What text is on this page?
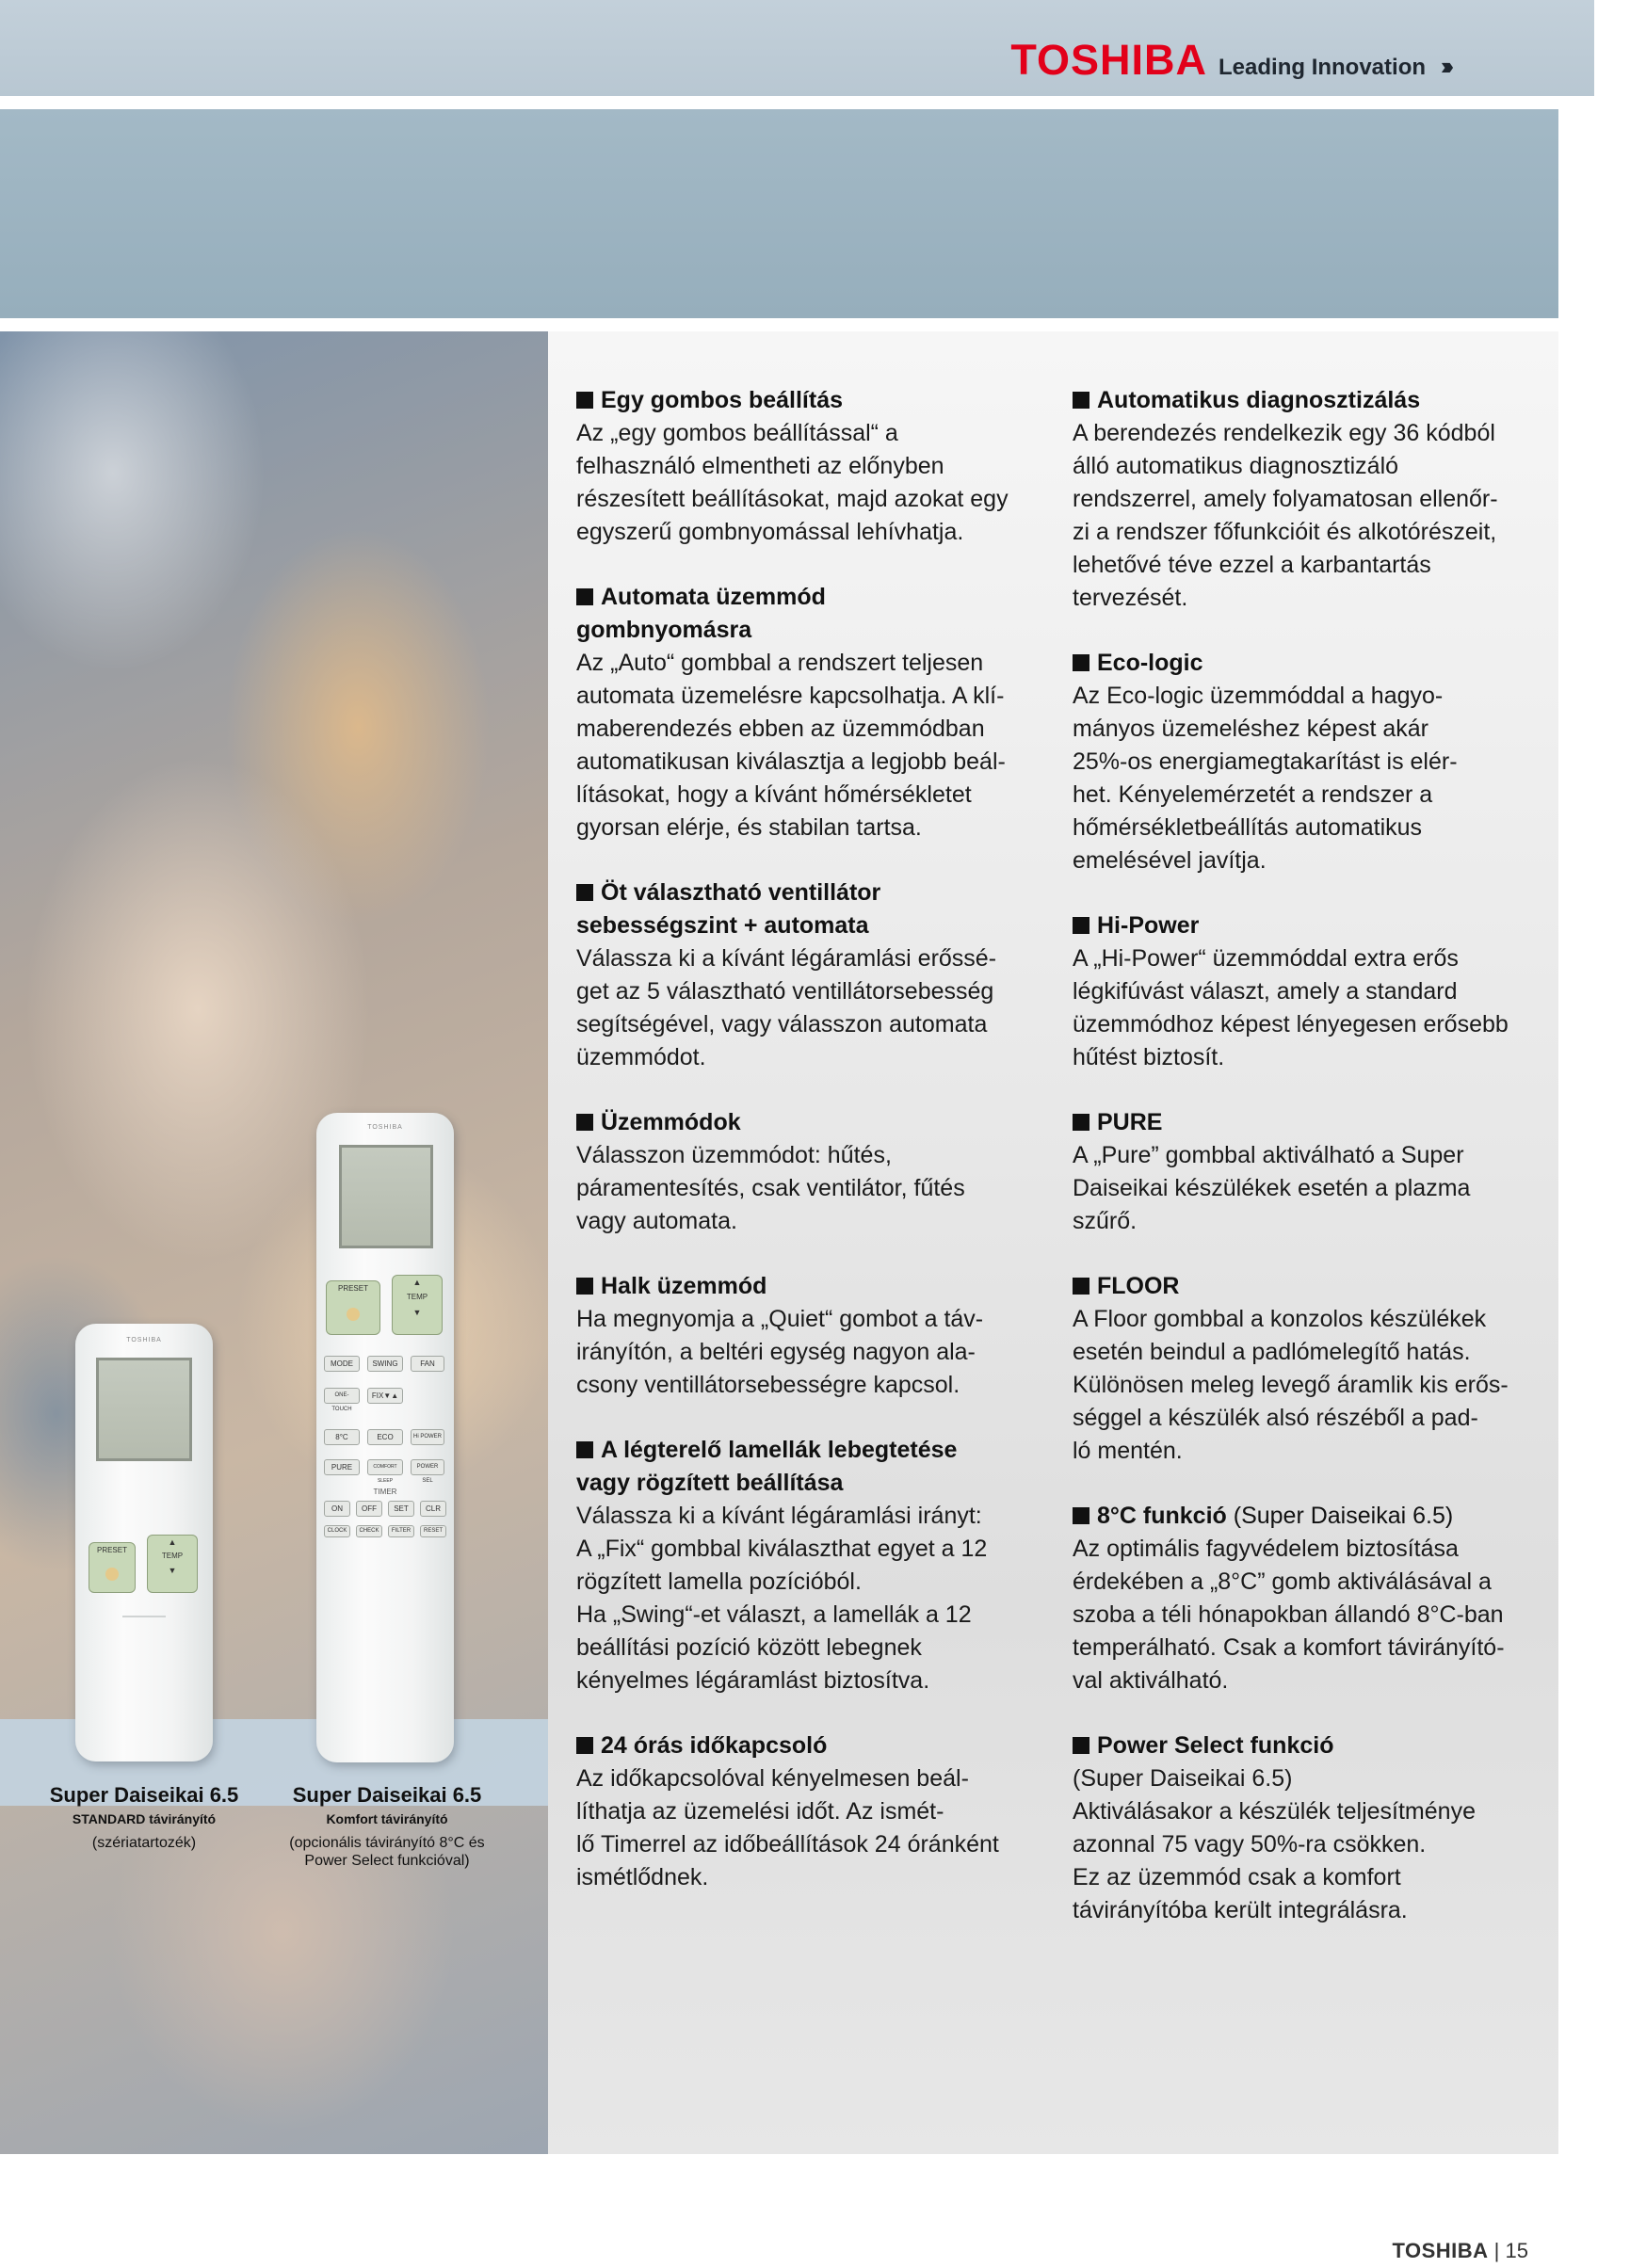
TOSHIBA Leading Innovation ›››
TOSHIBA
PRESET
▲
TEMP
▼
TOSHIBA
PRESET
▲
TEMP
▼
MODE	SWING	FAN
ONE-TOUCH
FIX▼▲
8°C	ECO	Hi POWER
PURE	COMFORT SLEEP
POWER SEL
TIMER
ON	OFF	SET	CLR
CLOCK	CHECK	FILTER	RESET
Super Daiseikai 6.5
STANDARD távirányító
(szériatartozék)
Super Daiseikai 6.5
Komfort távirányító
(opcionális távirányító 8°C és
Power Select funkcióval)
Egy gombos beállítás
Az „egy gombos beállítással“ a
felhasználó elmentheti az előnyben
részesített beállításokat, majd azokat egy
egyszerű gombnyomással lehívhatja.
Automata üzemmód
gombnyomásra
Az „Auto“ gombbal a rendszert teljesen
automata üzemelésre kapcsolhatja. A klí-
maberendezés ebben az üzemmódban
automatikusan kiválasztja a legjobb beál-
lításokat, hogy a kívánt hőmérsékletet
gyorsan elérje, és stabilan tartsa.
Öt választható ventillátor
sebességszint + automata
Válassza ki a kívánt légáramlási erőssé-
get az 5 választható ventillátorsebesség
segítségével, vagy válasszon automata
üzemmódot.
Üzemmódok
Válasszon üzemmódot: hűtés,
páramentesítés, csak ventilátor, fűtés
vagy automata.
Halk üzemmód
Ha megnyomja a „Quiet“ gombot a táv-
irányítón, a beltéri egység nagyon ala-
csony ventillátorsebességre kapcsol.
A légterelő lamellák lebegtetése
vagy rögzített beállítása
Válassza ki a kívánt légáramlási irányt:
A „Fix“ gombbal kiválaszthat egyet a 12
rögzített lamella pozícióból.
Ha „Swing“-et választ, a lamellák a 12
beállítási pozíció között lebegnek
kényelmes légáramlást biztosítva.
24 órás időkapcsoló
Az időkapcsolóval kényelmesen beál-
líthatja az üzemelési időt. Az ismét-
lő Timerrel az időbeállítások 24 óránként
ismétlődnek.
Automatikus diagnosztizálás
A berendezés rendelkezik egy 36 kódból
álló automatikus diagnosztizáló
rendszerrel, amely folyamatosan ellenőr-
zi a rendszer főfunkcióit és alkotórészeit,
lehetővé téve ezzel a karbantartás
tervezését.
Eco-logic
Az Eco-logic üzemmóddal a hagyo-
mányos üzemeléshez képest akár
25%-os energiamegtakarítást is elér-
het. Kényelemérzetét a rendszer a
hőmérsékletbeállítás automatikus
emelésével javítja.
Hi-Power
A „Hi-Power“ üzemmóddal extra erős
légkifúvást választ, amely a standard
üzemmódhoz képest lényegesen erősebb
hűtést biztosít.
PURE
A „Pure” gombbal aktiválható a Super
Daiseikai készülékek esetén a plazma
szűrő.
FLOOR
A Floor gombbal a konzolos készülékek
esetén beindul a padlómelegítő hatás.
Különösen meleg levegő áramlik kis erős-
séggel a készülék alsó részéből a pad-
ló mentén.
8°C funkció (Super Daiseikai 6.5)
Az optimális fagyvédelem biztosítása
érdekében a „8°C” gomb aktiválásával a
szoba a téli hónapokban állandó 8°C-ban
temperálható. Csak a komfort távirányító-
val aktiválható.
Power Select funkció
(Super Daiseikai 6.5)
Aktiválásakor a készülék teljesítménye
azonnal 75 vagy 50%-ra csökken.
Ez az üzemmód csak a komfort
távirányítóba került integrálásra.
TOSHIBA | 15
